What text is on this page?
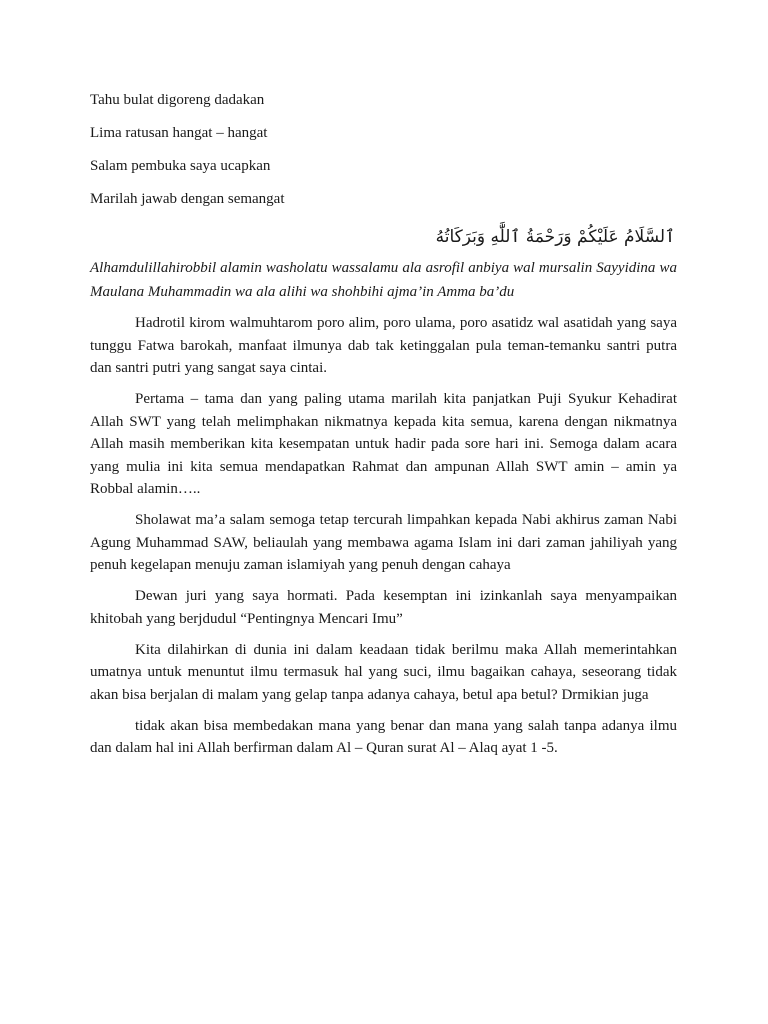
Tahu bulat digoreng dadakan

Lima ratusan hangat – hangat

Salam pembuka saya ucapkan

Marilah jawab dengan semangat

ٱلسَّلَامُ عَلَيْكُمْ وَرَحْمَةُ ٱللَّٰهِ وَبَرَكَاتُهُ

Alhamdulillahirobbil alamin washolatu wassalamu ala asrofil anbiya wal mursalin Sayyidina wa Maulana Muhammadin wa ala alihi wa shohbihi ajma’in Amma ba’du

Hadrotil kirom walmuhtarom poro alim, poro ulama, poro asatidz wal asatidah yang saya tunggu Fatwa barokah, manfaat ilmunya dab tak ketinggalan pula teman-temanku santri putra dan santri putri yang sangat saya cintai.

Pertama – tama dan yang paling utama marilah kita panjatkan Puji Syukur Kehadirat Allah SWT yang telah melimphakan nikmatnya kepada kita semua, karena dengan nikmatnya Allah masih memberikan kita kesempatan untuk hadir pada sore hari ini. Semoga dalam acara yang mulia ini kita semua mendapatkan Rahmat dan ampunan Allah SWT amin – amin ya Robbal alamin…..

Sholawat ma’a salam semoga tetap tercurah limpahkan kepada Nabi akhirus zaman Nabi Agung Muhammad SAW, beliaulah yang membawa agama Islam ini dari zaman jahiliyah yang penuh kegelapan menuju zaman islamiyah yang penuh dengan cahaya

Dewan juri yang saya hormati. Pada kesemptan ini izinkanlah saya menyampaikan khitobah yang berjdudul “Pentingnya Mencari Imu”

Kita dilahirkan di dunia ini dalam keadaan tidak berilmu maka Allah memerintahkan umatnya untuk menuntut ilmu termasuk hal yang suci, ilmu bagaikan cahaya, seseorang tidak akan bisa berjalan di malam yang gelap tanpa adanya cahaya, betul apa betul? Drmikian juga

tidak akan bisa membedakan mana yang benar dan mana yang salah tanpa adanya ilmu dan dalam hal ini Allah berfirman dalam Al – Quran surat Al – Alaq ayat 1 -5.
